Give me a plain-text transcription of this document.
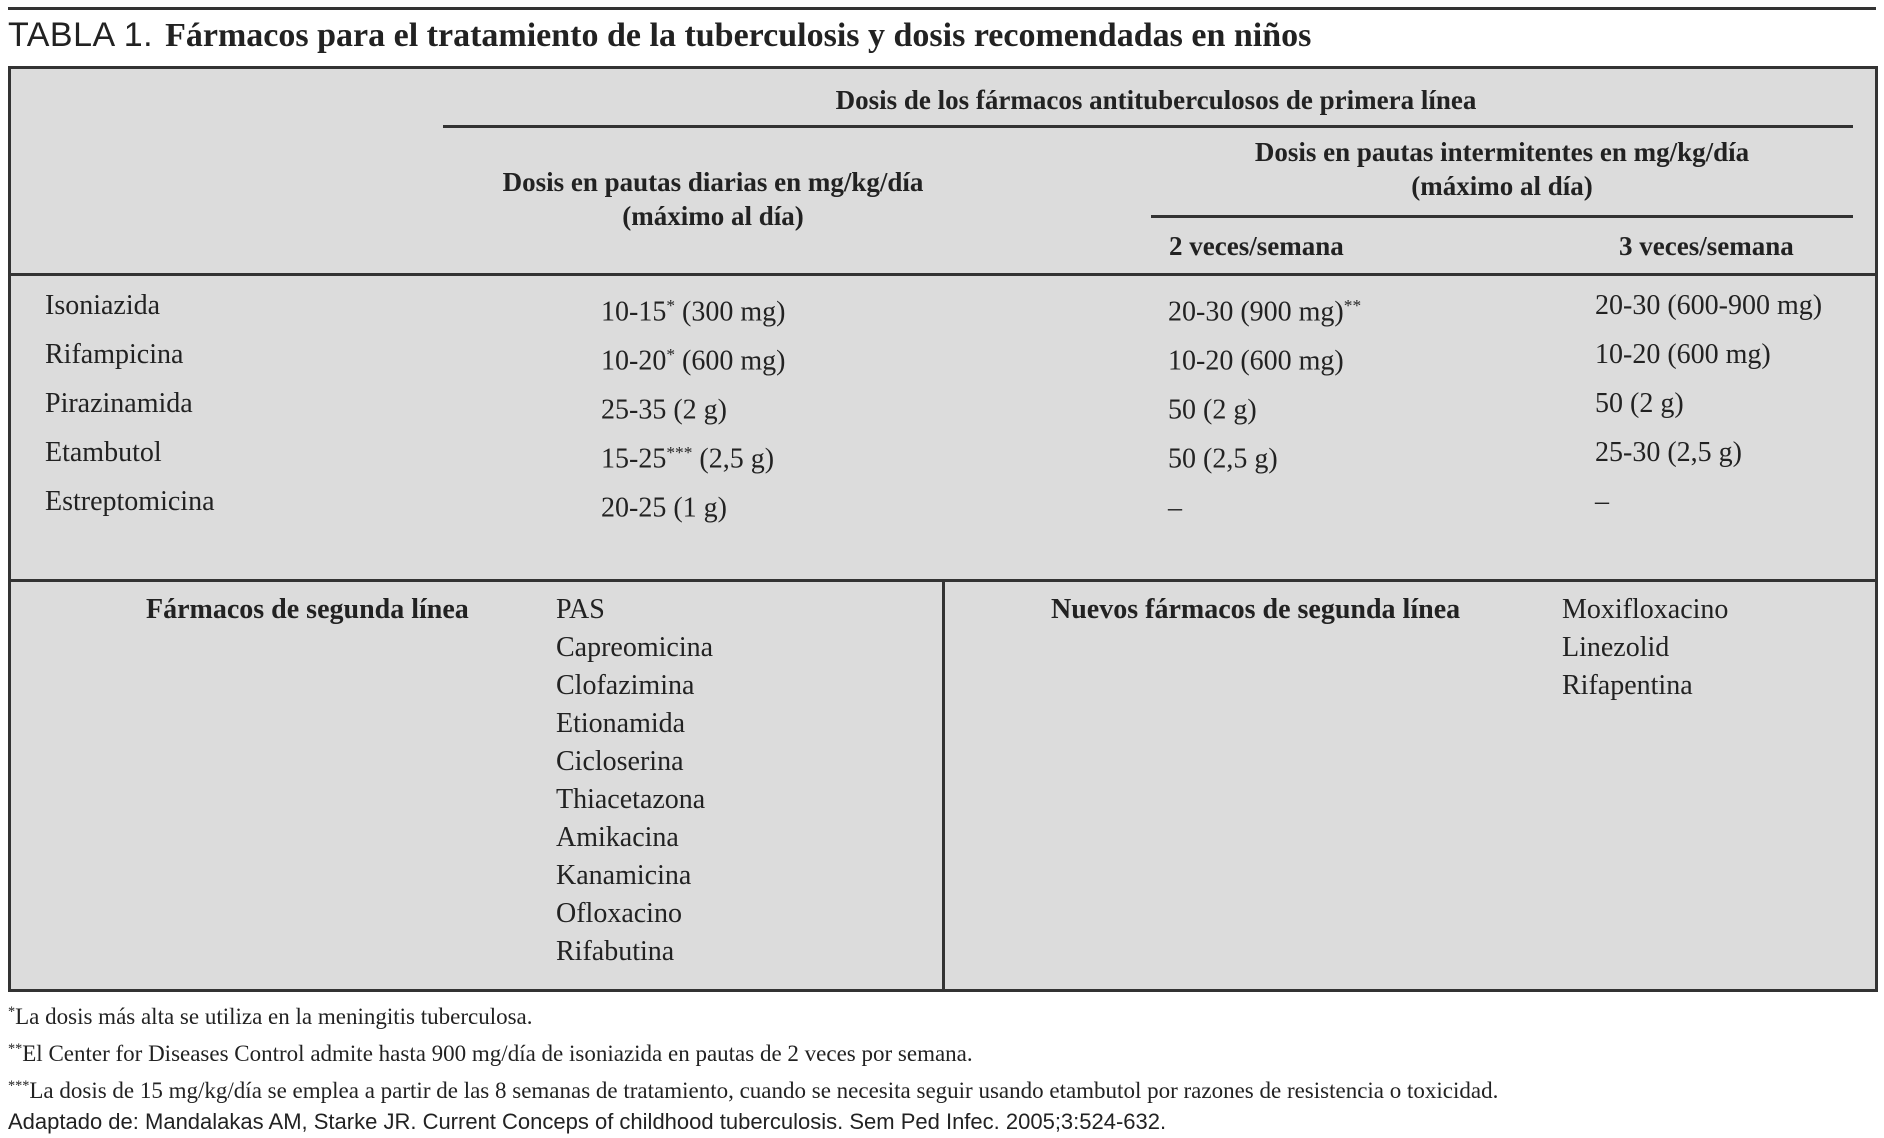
TABLA 1. Fármacos para el tratamiento de la tuberculosis y dosis recomendadas en niños
Dosis de los fármacos antituberculosos de primera línea
Dosis en pautas diarias en mg/kg/día
(máximo al día)
Dosis en pautas intermitentes en mg/kg/día
(máximo al día)
2 veces/semana	3 veces/semana
Isoniazida	10-15* (300 mg)	20-30 (900 mg)**	20-30 (600-900 mg)
Rifampicina	10-20* (600 mg)	10-20 (600 mg)	10-20 (600 mg)
Pirazinamida	25-35 (2 g)	50 (2 g)	50 (2 g)
Etambutol	15-25*** (2,5 g)	50 (2,5 g)	25-30 (2,5 g)
Estreptomicina	20-25 (1 g)	–	–
Fármacos de segunda línea	PAS
Capreomicina
Clofazimina
Etionamida
Cicloserina
Thiacetazona
Amikacina
Kanamicina
Ofloxacino
Rifabutina
Nuevos fármacos de segunda línea	Moxifloxacino
Linezolid
Rifapentina
*La dosis más alta se utiliza en la meningitis tuberculosa.
**El Center for Diseases Control admite hasta 900 mg/día de isoniazida en pautas de 2 veces por semana.
***La dosis de 15 mg/kg/día se emplea a partir de las 8 semanas de tratamiento, cuando se necesita seguir usando etambutol por razones de resistencia o toxicidad.
Adaptado de: Mandalakas AM, Starke JR. Current Conceps of childhood tuberculosis. Sem Ped Infec. 2005;3:524-632.
